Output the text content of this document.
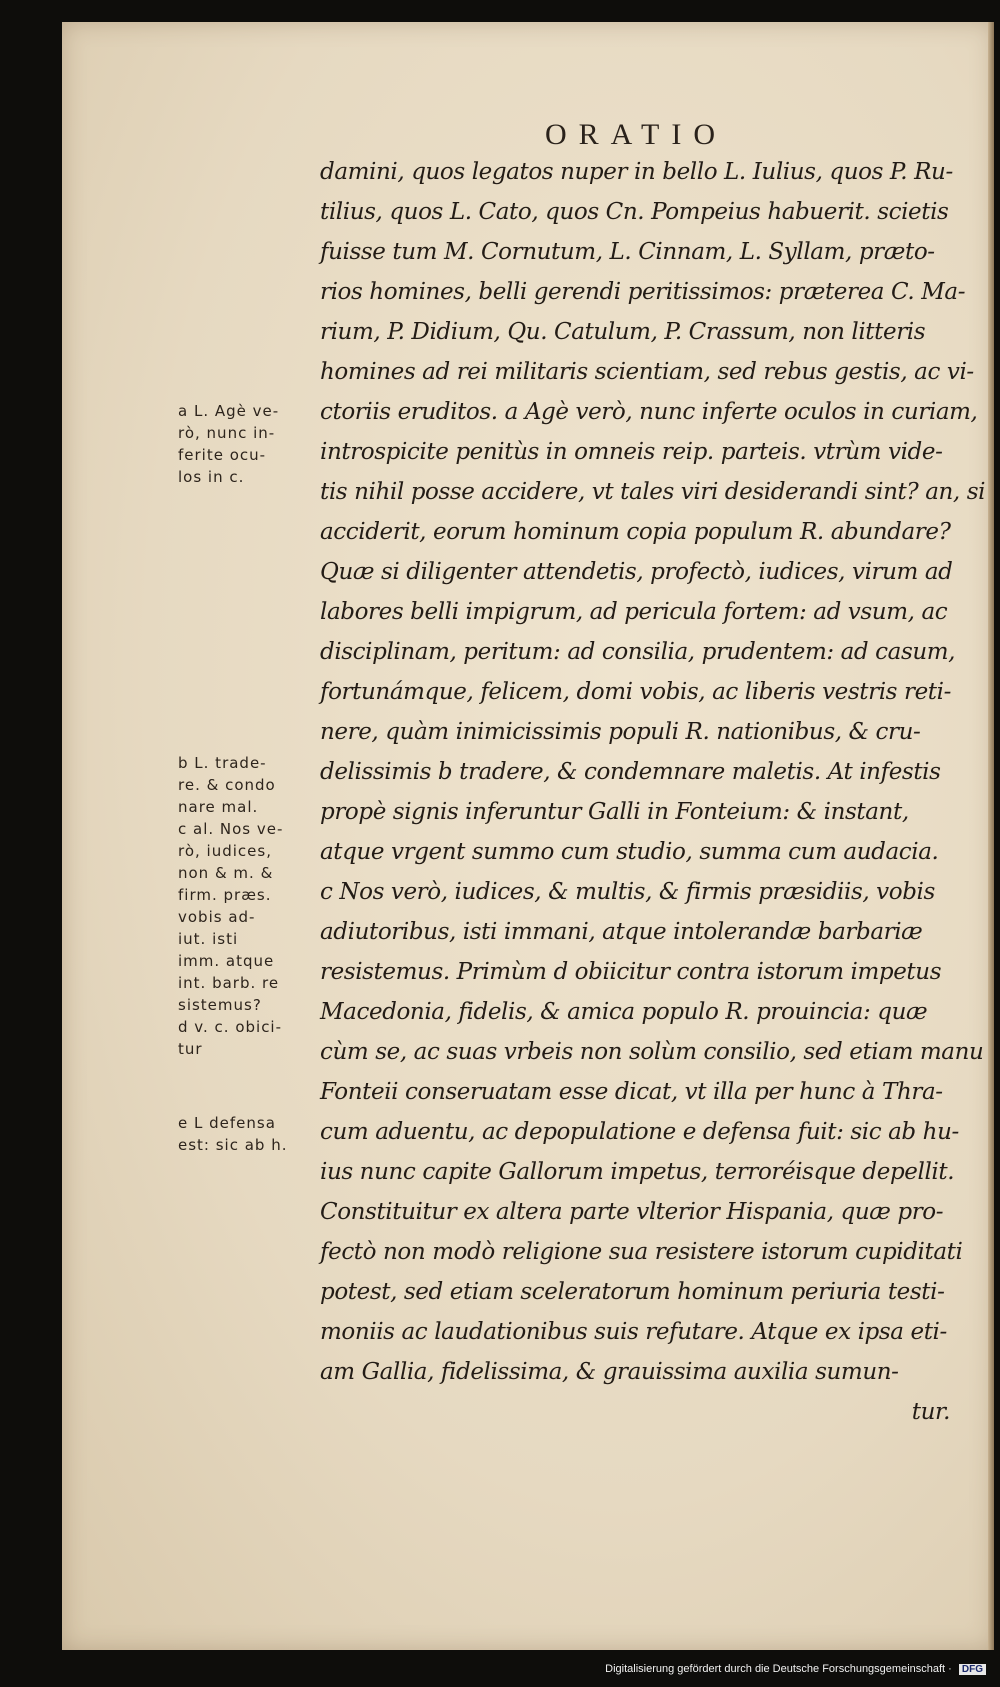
ORATIO
damini, quos legatos nuper in bello L. Iulius, quos P. Ru-
tilius, quos L. Cato, quos Cn. Pompeius habuerit. scietis
fuisse tum M. Cornutum, L. Cinnam, L. Syllam, præto-
rios homines, belli gerendi peritissimos: præterea C. Ma-
rium, P. Didium, Qu. Catulum, P. Crassum, non litteris
homines ad rei militaris scientiam, sed rebus gestis, ac vi-
ctoriis eruditos. a Agè verò, nunc inferte oculos in curiam,
introspicite penitùs in omneis reip. parteis. vtrùm vide-
tis nihil posse accidere, vt tales viri desiderandi sint? an, si
acciderit, eorum hominum copia populum R. abundare?
Quæ si diligenter attendetis, profectò, iudices, virum ad
labores belli impigrum, ad pericula fortem: ad vsum, ac
disciplinam, peritum: ad consilia, prudentem: ad casum,
fortunámque, felicem, domi vobis, ac liberis vestris reti-
nere, quàm inimicissimis populi R. nationibus, & cru-
delissimis b tradere, & condemnare maletis. At infestis
propè signis inferuntur Galli in Fonteium: & instant,
atque vrgent summo cum studio, summa cum audacia.
c Nos verò, iudices, & multis, & firmis præsidiis, vobis
adiutoribus, isti immani, atque intolerandæ barbariæ
resistemus. Primùm d obiicitur contra istorum impetus
Macedonia, fidelis, & amica populo R. prouincia: quæ
cùm se, ac suas vrbeis non solùm consilio, sed etiam manu
Fonteii conseruatam esse dicat, vt illa per hunc à Thra-
cum aduentu, ac depopulatione e defensa fuit: sic ab hu-
ius nunc capite Gallorum impetus, terroréisque depellit.
Constituitur ex altera parte vlterior Hispania, quæ pro-
fectò non modò religione sua resistere istorum cupiditati
potest, sed etiam sceleratorum hominum periuria testi-
moniis ac laudationibus suis refutare. Atque ex ipsa eti-
am Gallia, fidelissima, & grauissima auxilia sumun-
tur.
a L. Agè ve-
rò, nunc in-
ferite ocu-
los in c.
b L. trade-
re. & condo
nare mal.
c al. Nos ve-
rò, iudices,
non & m. &
firm. præs.
vobis ad-
iut. isti
imm. atque
int. barb. re
sistemus?
d v. c. obici-
tur
e L defensa
est: sic ab h.
Digitalisierung gefördert durch die Deutsche Forschungsgemeinschaft · DFG
